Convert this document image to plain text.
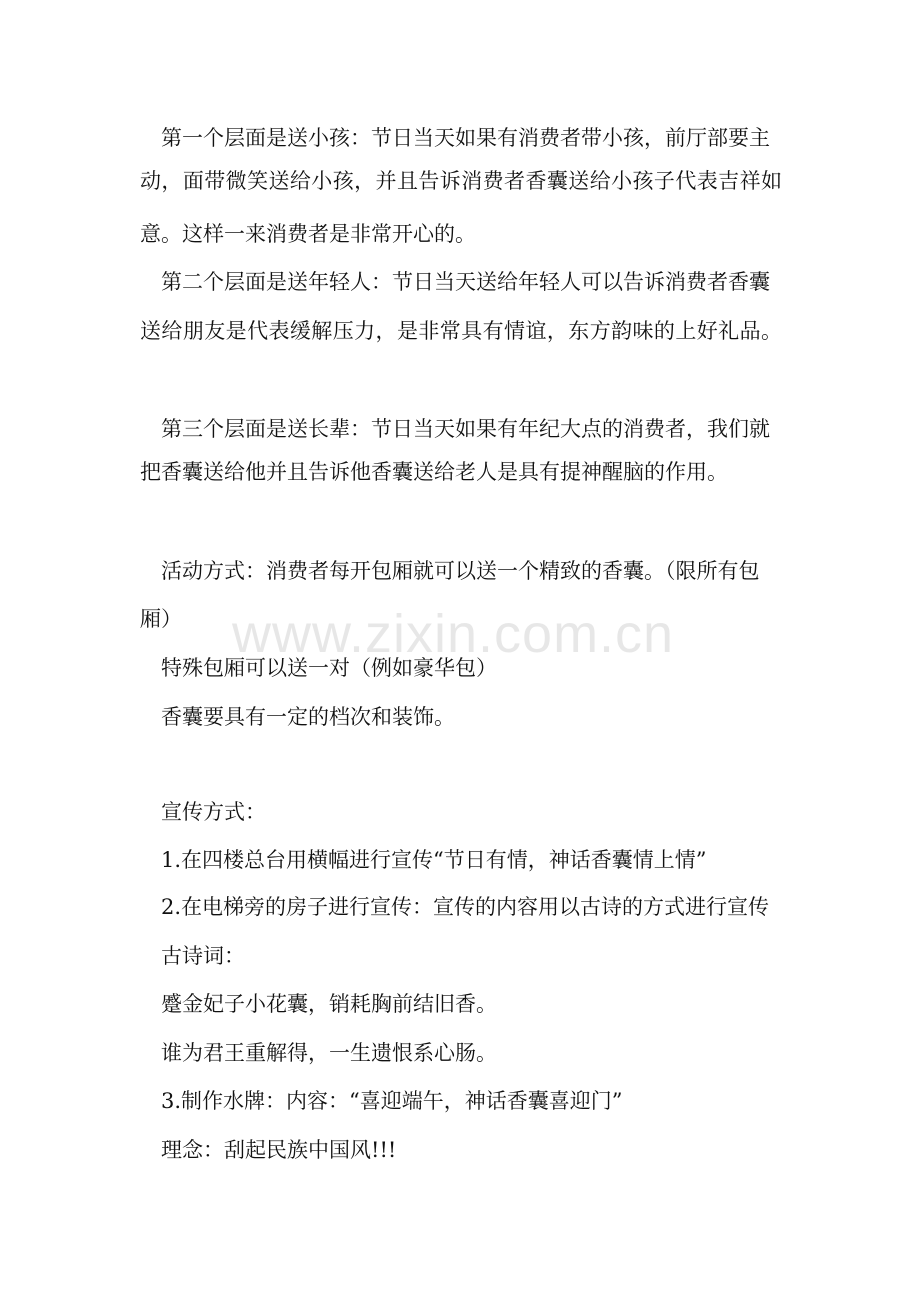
第一个层面是送小孩：节日当天如果有消费者带小孩，前厅部要主
动，面带微笑送给小孩，并且告诉消费者香囊送给小孩子代表吉祥如
意。这样一来消费者是非常开心的。
第二个层面是送年轻人：节日当天送给年轻人可以告诉消费者香囊
送给朋友是代表缓解压力，是非常具有情谊，东方韵味的上好礼品。
第三个层面是送长辈：节日当天如果有年纪大点的消费者，我们就
把香囊送给他并且告诉他香囊送给老人是具有提神醒脑的作用。
活动方式：消费者每开包厢就可以送一个精致的香囊。（限所有包
厢）
特殊包厢可以送一对（例如豪华包）
香囊要具有一定的档次和装饰。
宣传方式：
1.在四楼总台用横幅进行宣传“节日有情，神话香囊情上情”
2.在电梯旁的房子进行宣传：宣传的内容用以古诗的方式进行宣传
古诗词：
蹙金妃子小花囊，销耗胸前结旧香。
谁为君王重解得，一生遗恨系心肠。
3.制作水牌：内容：“喜迎端午，神话香囊喜迎门”
理念：刮起民族中国风!!!
www.zixin.com.cn
